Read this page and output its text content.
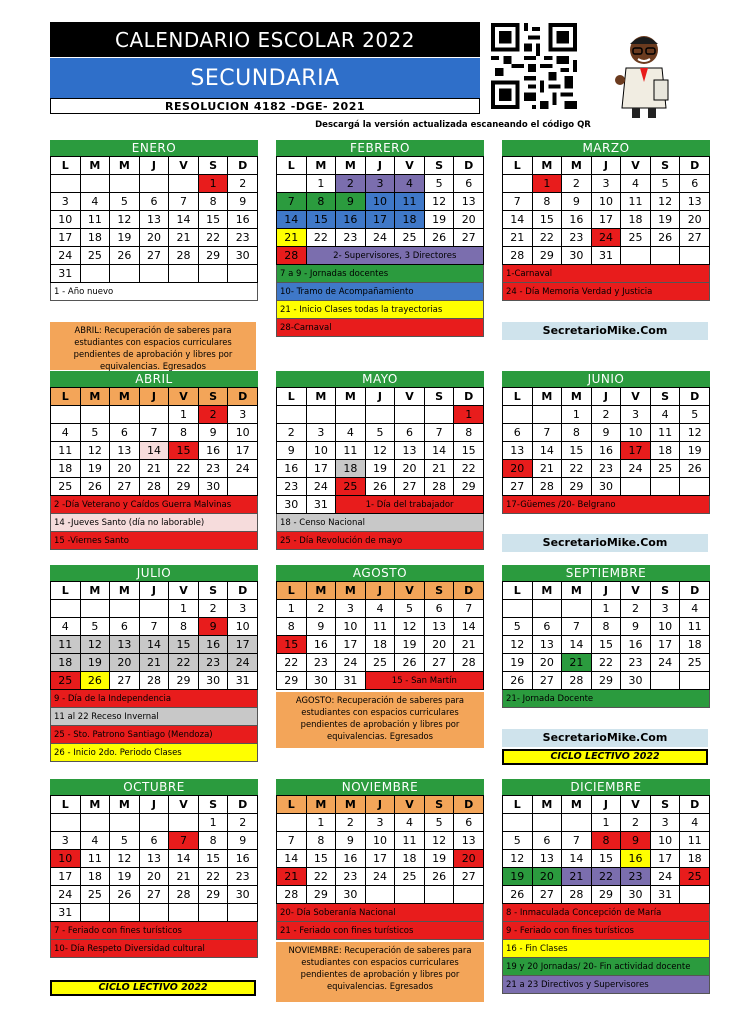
CALENDARIO ESCOLAR 2022
SECUNDARIA
RESOLUCION 4182 -DGE- 2021
Descargá la versión actualizada escaneando el código QR
ENERO
L	M	M	J	V	S	D
					1	2
3	4	5	6	7	8	9
10	11	12	13	14	15	16
17	18	19	20	21	22	23
24	25	26	27	28	29	30
31						
1 - Año nuevo
FEBRERO
L	M	M	J	V	S	D
	1	2	3	4	5	6
7	8	9	10	11	12	13
14	15	16	17	18	19	20
21	22	23	24	25	26	27
28	2- Supervisores, 3 Directores					
7 a 9 - Jornadas docentes
10- Tramo de Acompañamiento
21 - Inicio Clases todas la trayectorias
28-Carnaval
MARZO
L	M	M	J	V	S	D
	1	2	3	4	5	6
7	8	9	10	11	12	13
14	15	16	17	18	19	20
21	22	23	24	25	26	27
28	29	30	31			
1-Carnaval
24 - Día Memoria Verdad y Justicia
ABRIL
L	M	M	J	V	S	D
				1	2	3
4	5	6	7	8	9	10
11	12	13	14	15	16	17
18	19	20	21	22	23	24
25	26	27	28	29	30	
2 -Día Veterano y Caídos Guerra Malvinas
14 -Jueves Santo (día no laborable)
15 -Viernes Santo
MAYO
L	M	M	J	V	S	D
						1
2	3	4	5	6	7	8
9	10	11	12	13	14	15
16	17	18	19	20	21	22
23	24	25	26	27	28	29
30	31	1- Día del trabajador				
18 - Censo Nacional
25 - Día Revolución de mayo
JUNIO
L	M	M	J	V	S	D
		1	2	3	4	5
6	7	8	9	10	11	12
13	14	15	16	17	18	19
20	21	22	23	24	25	26
27	28	29	30			
17-Güemes /20- Belgrano
JULIO
L	M	M	J	V	S	D
				1	2	3
4	5	6	7	8	9	10
11	12	13	14	15	16	17
18	19	20	21	22	23	24
25	26	27	28	29	30	31
9 - Día de la Independencia
11 al 22 Receso Invernal
25 - Sto. Patrono Santiago (Mendoza)
26 - Inicio 2do. Periodo Clases
AGOSTO
L	M	M	J	V	S	D
1	2	3	4	5	6	7
8	9	10	11	12	13	14
15	16	17	18	19	20	21
22	23	24	25	26	27	28
29	30	31	15 - San Martín			
SEPTIEMBRE
L	M	M	J	V	S	D
			1	2	3	4
5	6	7	8	9	10	11
12	13	14	15	16	17	18
19	20	21	22	23	24	25
26	27	28	29	30		
21- Jornada Docente
OCTUBRE
L	M	M	J	V	S	D
					1	2
3	4	5	6	7	8	9
10	11	12	13	14	15	16
17	18	19	20	21	22	23
24	25	26	27	28	29	30
31						
7 - Feriado con fines turísticos
10- Día Respeto Diversidad cultural
NOVIEMBRE
L	M	M	J	V	S	D
	1	2	3	4	5	6
7	8	9	10	11	12	13
14	15	16	17	18	19	20
21	22	23	24	25	26	27
28	29	30				
20- Día Soberanía Nacional
21 - Feriado con fines turísticos
DICIEMBRE
L	M	M	J	V	S	D
			1	2	3	4
5	6	7	8	9	10	11
12	13	14	15	16	17	18
19	20	21	22	23	24	25
26	27	28	29	30	31	
8 - Inmaculada Concepción de María
9 - Feriado con fines turísticos
16 - Fin Clases
19 y 20 Jornadas/ 20- Fin actividad docente
21 a 23 Directivos y Supervisores
ABRIL: Recuperación de saberes para estudiantes con espacios curriculares pendientes de aprobación y libres por equivalencias. Egresados
AGOSTO: Recuperación de saberes para estudiantes con espacios curriculares pendientes de aprobación y libres por equivalencias. Egresados
NOVIEMBRE: Recuperación de saberes para estudiantes con espacios curriculares pendientes de aprobación y libres por equivalencias. Egresados
SecretarioMike.Com
SecretarioMike.Com
SecretarioMike.Com
CICLO LECTIVO 2022
CICLO LECTIVO 2022
